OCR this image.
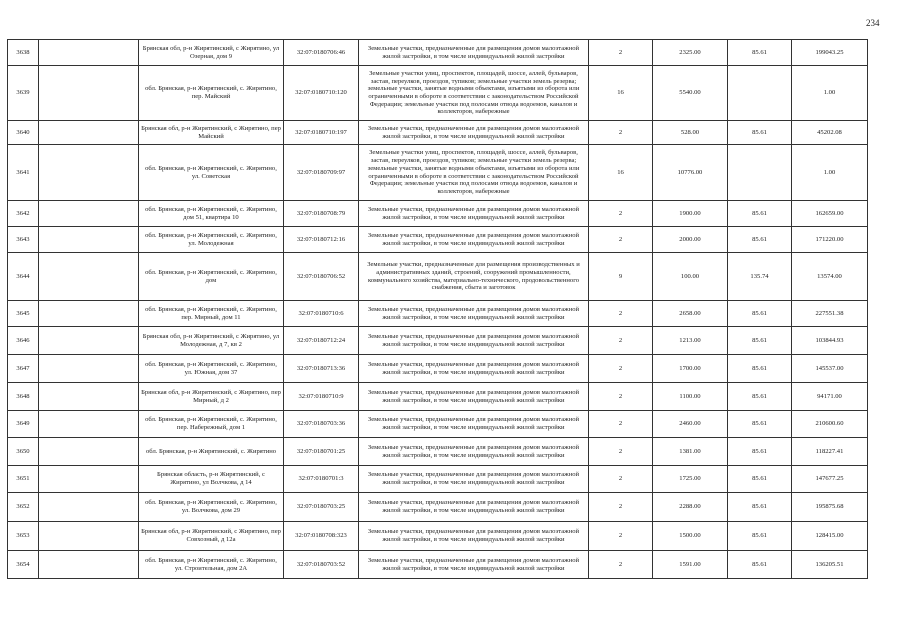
234
3638		Брянская обл, р-н Жирятинский, с Жирятино, ул Озерная, дом 9	32:07:0180706:46	Земельные участки, предназначенные для размещения домов малоэтажной жилой застройки, в том числе индивидуальной жилой застройки	2	2325.00	85.61	199043.25
3639		обл. Брянская, р-н Жирятинский, с. Жирятино, пер. Майский	32:07:0180710:120	Земельные участки улиц, проспектов, площадей, шоссе, аллей, бульваров, застав, переулков, проездов, тупиков; земельные участки земель резерва; земельные участки, занятые водными объектами, изъятыми из оборота или ограниченными в обороте в соответствии с законодательством Российской Федерации; земельные участки под полосами отвода водоемов, каналов и коллекторов, набережные	16	5540.00		1.00
3640		Брянская обл, р-н Жирятинский, с Жирятино, пер Майский	32:07:0180710:197	Земельные участки, предназначенные для размещения домов малоэтажной жилой застройки, в том числе индивидуальной жилой застройки	2	528.00	85.61	45202.08
3641		обл. Брянская, р-н Жирятинский, с. Жирятино, ул. Советская	32:07:0180709:97	Земельные участки улиц, проспектов, площадей, шоссе, аллей, бульваров, застав, переулков, проездов, тупиков; земельные участки земель резерва; земельные участки, занятые водными объектами, изъятыми из оборота или ограниченными в обороте в соответствии с законодательством Российской Федерации; земельные участки под полосами отвода водоемов, каналов и коллекторов, набережные	16	10776.00		1.00
3642		обл. Брянская, р-н Жирятинский, с. Жирятино, дом 51, квартира 10	32:07:0180708:79	Земельные участки, предназначенные для размещения домов малоэтажной жилой застройки, в том числе индивидуальной жилой застройки	2	1900.00	85.61	162659.00
3643		обл. Брянская, р-н Жирятинский, с. Жирятино, ул. Молодежная	32:07:0180712:16	Земельные участки, предназначенные для размещения домов малоэтажной жилой застройки, в том числе индивидуальной жилой застройки	2	2000.00	85.61	171220.00
3644		обл. Брянская, р-н Жирятинский, с. Жирятино, дом	32:07:0180706:52	Земельные участки, предназначенные для размещения производственных и административных зданий, строений, сооружений промышленности, коммунального хозяйства, материально-технического, продовольственного снабжения, сбыта и заготовок	9	100.00	135.74	13574.00
3645		обл. Брянская, р-н Жирятинский, с. Жирятино, пер. Мирный, дом 11	32:07:0180710:6	Земельные участки, предназначенные для размещения домов малоэтажной жилой застройки, в том числе индивидуальной жилой застройки	2	2658.00	85.61	227551.38
3646		Брянская обл, р-н Жирятинский, с Жирятино, ул Молодежная, д 7, кв 2	32:07:0180712:24	Земельные участки, предназначенные для размещения домов малоэтажной жилой застройки, в том числе индивидуальной жилой застройки	2	1213.00	85.61	103844.93
3647		обл. Брянская, р-н Жирятинский, с. Жирятино, ул. Южная, дом 37	32:07:0180713:36	Земельные участки, предназначенные для размещения домов малоэтажной жилой застройки, в том числе индивидуальной жилой застройки	2	1700.00	85.61	145537.00
3648		Брянская обл, р-н Жирятинский, с Жирятино, пер Мирный, д 2	32:07:0180710:9	Земельные участки, предназначенные для размещения домов малоэтажной жилой застройки, в том числе индивидуальной жилой застройки	2	1100.00	85.61	94171.00
3649		обл. Брянская, р-н Жирятинский, с. Жирятино, пер. Набережный, дом 1	32:07:0180703:36	Земельные участки, предназначенные для размещения домов малоэтажной жилой застройки, в том числе индивидуальной жилой застройки	2	2460.00	85.61	210600.60
3650		обл. Брянская, р-н Жирятинский, с. Жирятино	32:07:0180701:25	Земельные участки, предназначенные для размещения домов малоэтажной жилой застройки, в том числе индивидуальной жилой застройки	2	1381.00	85.61	118227.41
3651		Брянская область, р-н Жирятинский, с Жирятино, ул Волчкова, д 14	32:07:0180701:3	Земельные участки, предназначенные для размещения домов малоэтажной жилой застройки, в том числе индивидуальной жилой застройки	2	1725.00	85.61	147677.25
3652		обл. Брянская, р-н Жирятинский, с. Жирятино, ул. Волчкова, дом 29	32:07:0180703:25	Земельные участки, предназначенные для размещения домов малоэтажной жилой застройки, в том числе индивидуальной жилой застройки	2	2288.00	85.61	195875.68
3653		Брянская обл, р-н Жирятинский, с Жирятино, пер Совхозный, д 12а	32:07:0180708:323	Земельные участки, предназначенные для размещения домов малоэтажной жилой застройки, в том числе индивидуальной жилой застройки	2	1500.00	85.61	128415.00
3654		обл. Брянская, р-н Жирятинский, с. Жирятино, ул. Строительная, дом 2А	32:07:0180703:52	Земельные участки, предназначенные для размещения домов малоэтажной жилой застройки, в том числе индивидуальной жилой застройки	2	1591.00	85.61	136205.51
